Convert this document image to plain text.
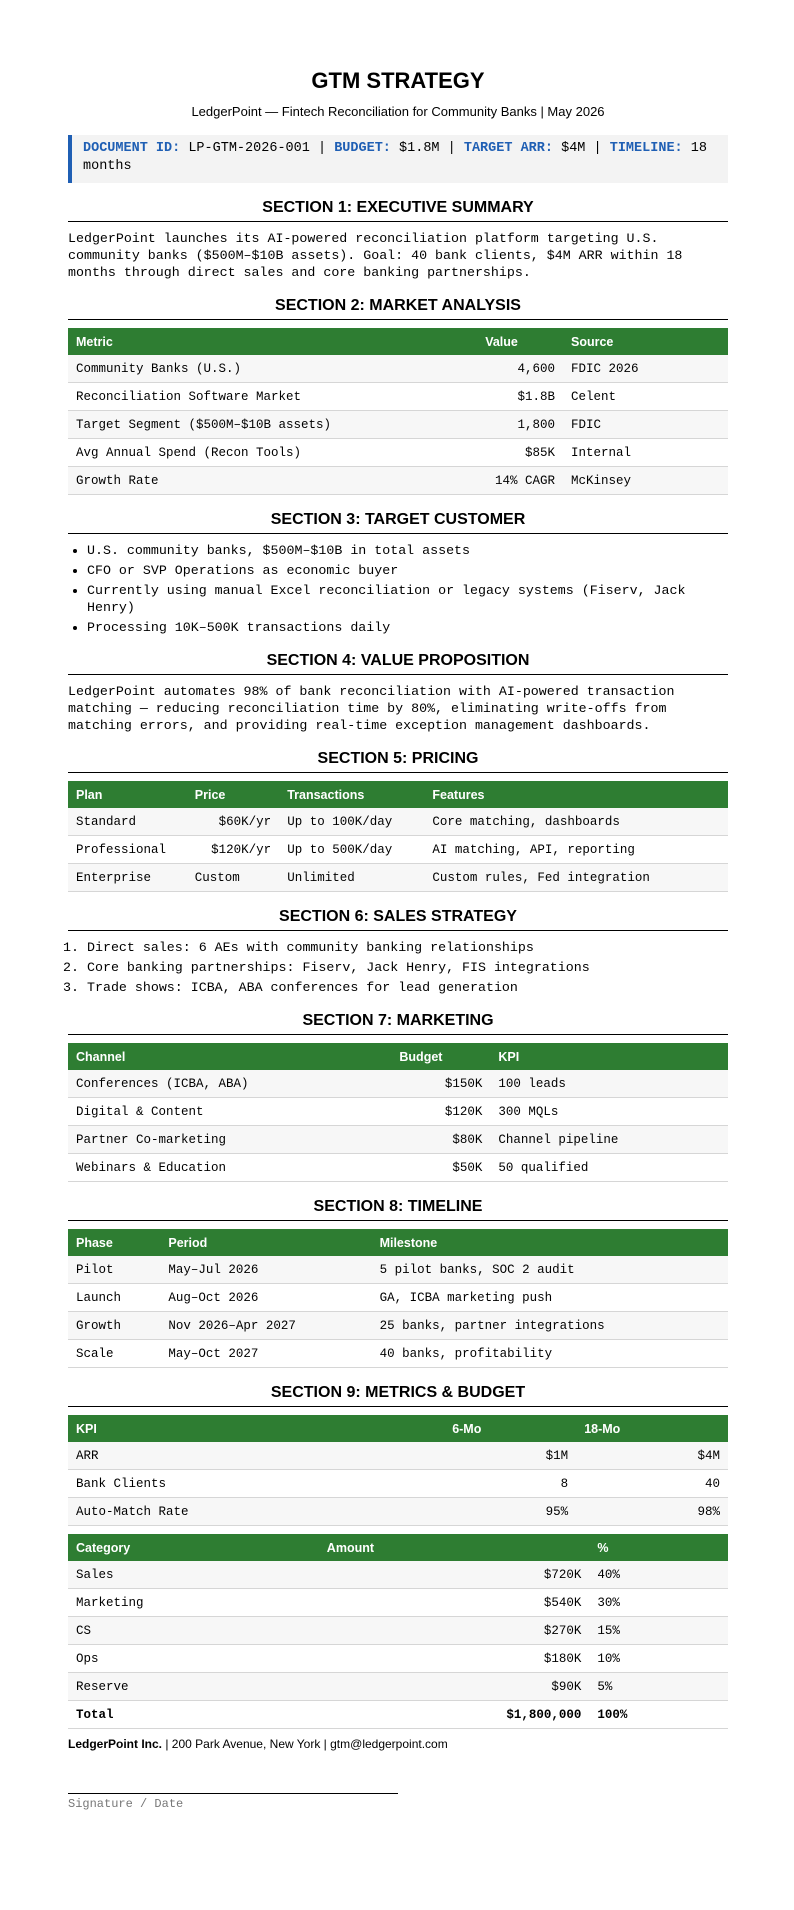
GTM STRATEGY
LedgerPoint — Fintech Reconciliation for Community Banks | May 2026
DOCUMENT ID: LP-GTM-2026-001 | BUDGET: $1.8M | TARGET ARR: $4M | TIMELINE: 18 months
SECTION 1: EXECUTIVE SUMMARY

LedgerPoint launches its AI-powered reconciliation platform targeting U.S. community banks ($500M–$10B assets). Goal: 40 bank clients, $4M ARR within 18 months through direct sales and core banking partnerships.

SECTION 2: MARKET ANALYSIS
Metric	Value	Source
Community Banks (U.S.)	4,600	FDIC 2026
Reconciliation Software Market	$1.8B	Celent
Target Segment ($500M–$10B assets)	1,800	FDIC
Avg Annual Spend (Recon Tools)	$85K	Internal
Growth Rate	14% CAGR	McKinsey
SECTION 3: TARGET CUSTOMER
• U.S. community banks, $500M–$10B in total assets
• CFO or SVP Operations as economic buyer
• Currently using manual Excel reconciliation or legacy systems (Fiserv, Jack Henry)
• Processing 10K–500K transactions daily
SECTION 4: VALUE PROPOSITION

LedgerPoint automates 98% of bank reconciliation with AI-powered transaction matching — reducing reconciliation time by 80%, eliminating write-offs from matching errors, and providing real-time exception management dashboards.

SECTION 5: PRICING
Plan	Price	Transactions	Features
Standard	$60K/yr	Up to 100K/day	Core matching, dashboards
Professional	$120K/yr	Up to 500K/day	AI matching, API, reporting
Enterprise	Custom	Unlimited	Custom rules, Fed integration
SECTION 6: SALES STRATEGY
1. Direct sales: 6 AEs with community banking relationships
2. Core banking partnerships: Fiserv, Jack Henry, FIS integrations
3. Trade shows: ICBA, ABA conferences for lead generation
SECTION 7: MARKETING
Channel	Budget	KPI
Conferences (ICBA, ABA)	$150K	100 leads
Digital & Content	$120K	300 MQLs
Partner Co-marketing	$80K	Channel pipeline
Webinars & Education	$50K	50 qualified
SECTION 8: TIMELINE
Phase	Period	Milestone
Pilot	May–Jul 2026	5 pilot banks, SOC 2 audit
Launch	Aug–Oct 2026	GA, ICBA marketing push
Growth	Nov 2026–Apr 2027	25 banks, partner integrations
Scale	May–Oct 2027	40 banks, profitability
SECTION 9: METRICS & BUDGET
KPI	6-Mo	18-Mo
ARR	$1M	$4M
Bank Clients	8	40
Auto-Match Rate	95%	98%
Category	Amount	%
Sales	$720K	40%
Marketing	$540K	30%
CS	$270K	15%
Ops	$180K	10%
Reserve	$90K	5%
Total	$1,800,000	100%
LedgerPoint Inc. | 200 Park Avenue, New York | gtm@ledgerpoint.com
Signature / Date
